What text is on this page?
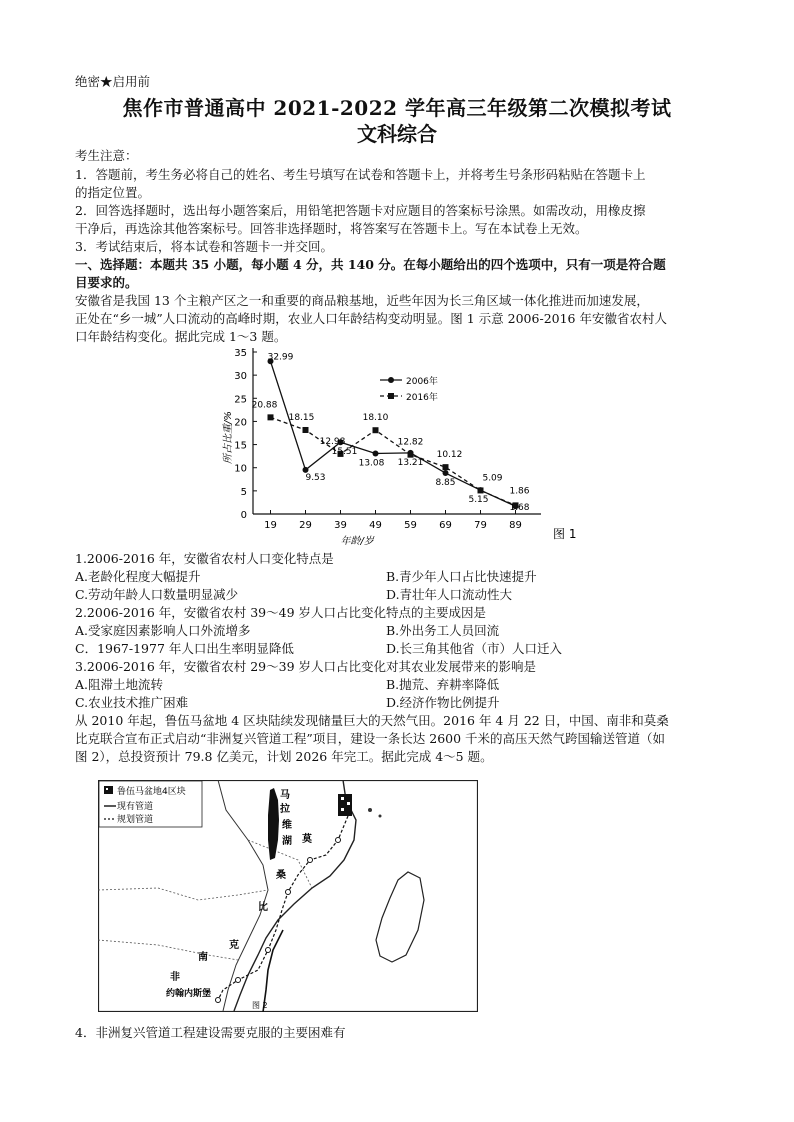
绝密★启用前
焦作市普通高中 2021-2022 学年高三年级第二次模拟考试
文科综合
考生注意：
1．答题前，考生务必将自己的姓名、考生号填写在试卷和答题卡上，并将考生号条形码粘贴在答题卡上
的指定位置。
2．回答选择题时，选出每小题答案后，用铅笔把答题卡对应题目的答案标号涂黑。如需改动，用橡皮擦
干净后，再选涂其他答案标号。回答非选择题时，将答案写在答题卡上。写在本试卷上无效。
3．考试结束后，将本试卷和答题卡一并交回。
一、选择题：本题共 35 小题，每小题 4 分，共 140 分。在每小题给出的四个选项中，只有一项是符合题
目要求的。
安徽省是我国 13 个主粮产区之一和重要的商品粮基地，近些年因为长三角区域一体化推进而加速发展，
正处在“乡一城”人口流动的高峰时期，农业人口年龄结构变动明显。图 1 示意 2006-2016 年安徽省农村人
口年龄结构变化。据此完成 1～3 题。
0
5
10
15
20
25
30
35
19 29 39 49 59 69 79 89
年龄/岁
所占比重/%
32.99
9.53
15.51
13.08 13.21
8.85
5.15
1.68
20.88
18.15
12.98
18.10
12.82
10.12
5.09
1.86
2006年
2016年
图 1
1.2006-2016 年，安徽省农村人口变化特点是
A.老龄化程度大幅提升	B.青少年人口占比快速提升
C.劳动年龄人口数量明显减少	D.青壮年人口流动性大
2.2006-2016 年，安徽省农村 39～49 岁人口占比变化特点的主要成因是
A.受家庭因素影响人口外流增多	B.外出务工人员回流
C．1967-1977 年人口出生率明显降低	D.长三角其他省（市）人口迁入
3.2006-2016 年，安徽省农村 29～39 岁人口占比变化对其农业发展带来的影响是
A.阻滞土地流转	B.抛荒、弃耕率降低
C.农业技术推广困难	D.经济作物比例提升
从 2010 年起，鲁伍马盆地 4 区块陆续发现储量巨大的天然气田。2016 年 4 月 22 日，中国、南非和莫桑
比克联合宣布正式启动“非洲复兴管道工程”项目，建设一条长达 2600 千米的高压天然气跨国输送管道（如
图 2），总投资预计 79.8 亿美元，计划 2026 年完工。据此完成 4～5 题。
鲁伍马盆地4区块
现有管道
规划管道
马
拉
维
湖 莫
桑
比
克
南
非
约翰内斯堡
图 2
4．非洲复兴管道工程建设需要克服的主要困难有
